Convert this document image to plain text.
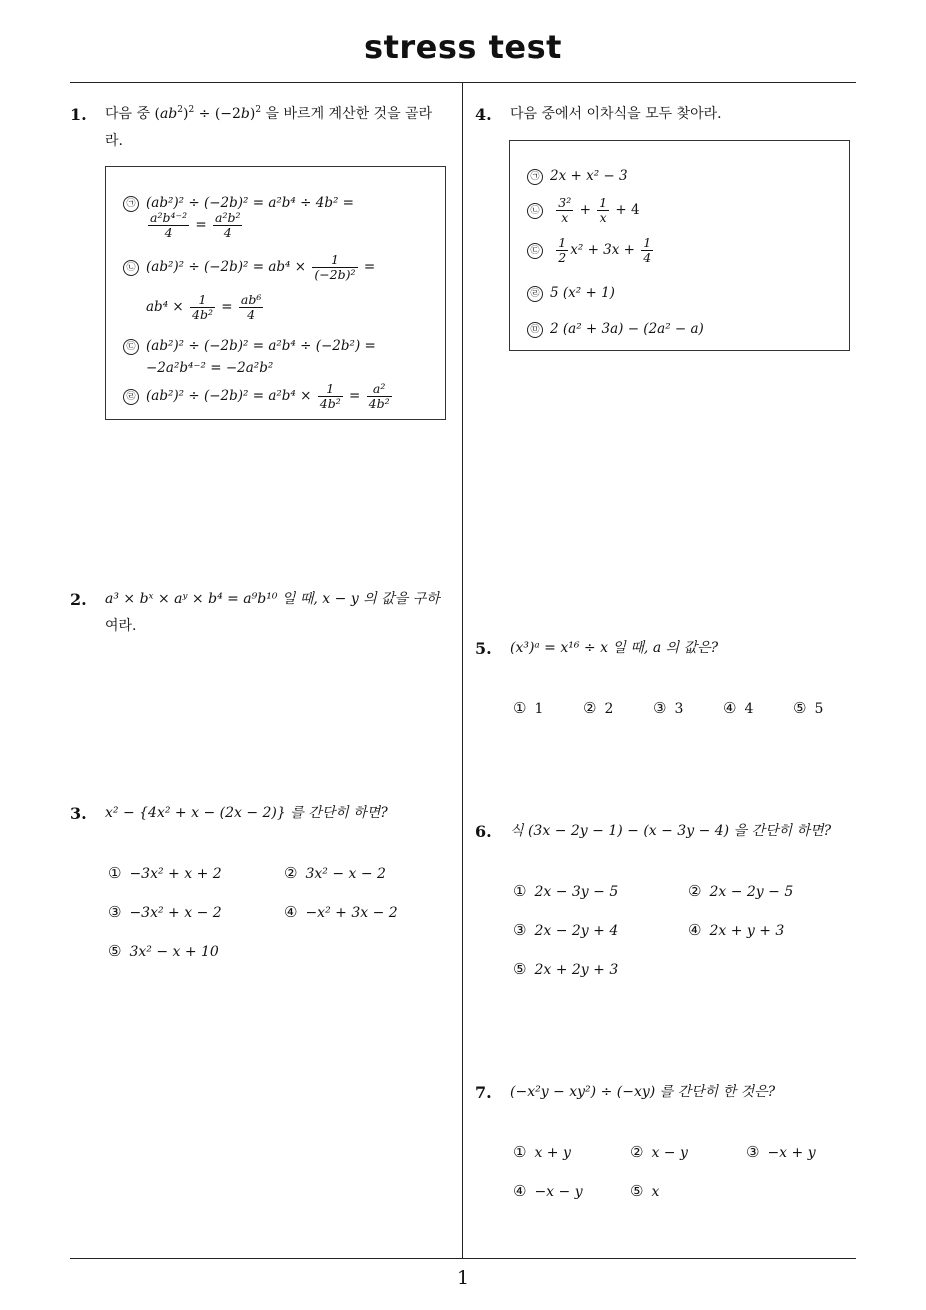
stress test
1
1. 다음 중 $(ab^2)^2 \div (-2b)^2$ 을 바르게 계산한 것을 골라
라.
㉠ (ab²)² ÷ (−2b)² = a²b⁴ ÷ 4b² =
$\frac{\text{a²b⁴⁻²}}{4} = \frac{\text{a²b²}}{4}$
㉡ $(ab^2)^2 \div (-2b)^2 = ab^4 \times \frac{1}{\text{(−2b)²}}$ =
$ab^4 \times \frac{1}{\text{4b²}} = \frac{\text{ab⁶}}{4}$
㉢ (ab²)² ÷ (−2b)² = a²b⁴ ÷ (−2b²) =
−2a²b⁴⁻² = −2a²b²
㉣ $(ab^2)^2 \div (-2b)^2 = a^2b^4 \times \frac{1}{\text{4b²}} = \frac{\text{a²}}{\text{4b²}}$
2. a³ × bˣ × aʸ × b⁴ = a⁹b¹⁰ 일 때, x − y 의 값을 구하
여라.
3. x² − {4x² + x − (2x − 2)} 를 간단히 하면?
① −3x² + x + 2	② 3x² − x − 2
③ −3x² + x − 2	④ −x² + 3x − 2
⑤ 3x² − x + 10
4. 다음 중에서 이차식을 모두 찾아라.
㉠ 2x + x² − 3
㉡ $\frac{\text{3²}}{x} + \frac{1}{x} + 4$
㉢ $\frac{1}{2} x^2 + 3x + \frac{1}{4}$
㉣ 5 (x² + 1)
㉤ 2 (a² + 3a) − (2a² − a)
5. (x³)ᵃ = x¹⁶ ÷ x 일 때, a 의 값은?
① 1	② 2	③ 3	④ 4	⑤ 5
6. 식 (3x − 2y − 1) − (x − 3y − 4) 을 간단히 하면?
① 2x − 3y − 5	② 2x − 2y − 5
③ 2x − 2y + 4	④ 2x + y + 3
⑤ 2x + 2y + 3
7. (−x²y − xy²) ÷ (−xy) 를 간단히 한 것은?
① x + y	② x − y	③ −x + y
④ −x − y	⑤ x
